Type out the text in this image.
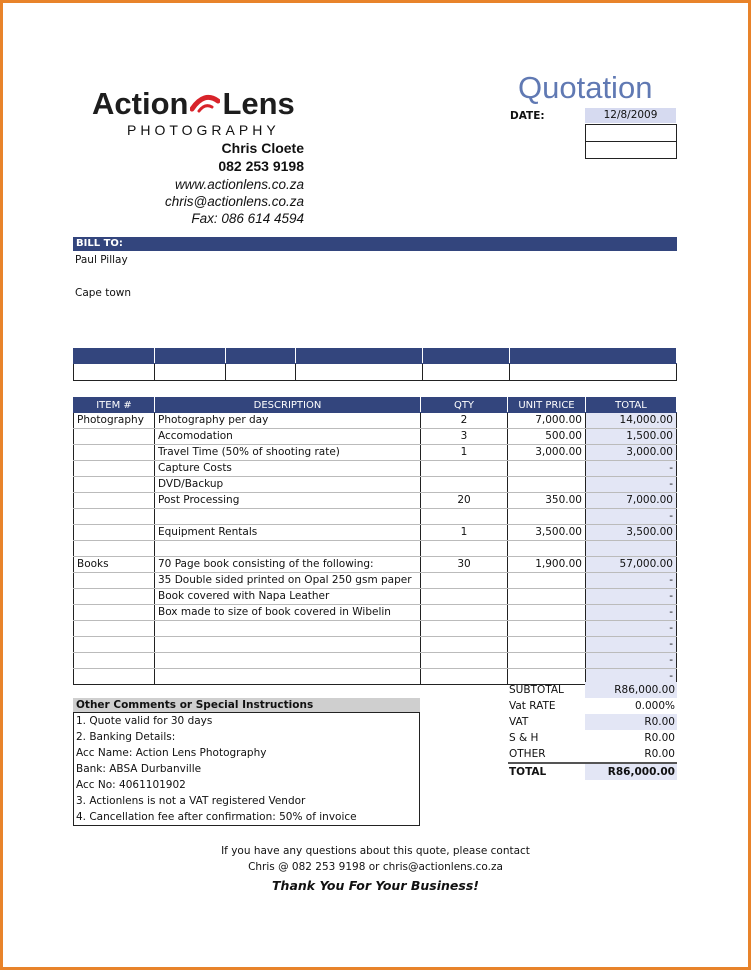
Action Lens
PHOTOGRAPHY
Chris Cloete
082 253 9198
www.actionlens.co.za
chris@actionlens.co.za
Fax: 086 614 4594
Quotation
DATE:	12/8/2009
BILL TO:
Paul Pillay
Cape town

ITEM #	DESCRIPTION	QTY	UNIT PRICE	TOTAL
Photography	Photography per day	2	7,000.00	14,000.00
	Accomodation	3	500.00	1,500.00
	Travel Time (50% of shooting rate)	1	3,000.00	3,000.00
	Capture Costs			-
	DVD/Backup			-
	Post Processing	20	350.00	7,000.00
				-
	Equipment Rentals	1	3,500.00	3,500.00

Books	70 Page book consisting of the following:	30	1,900.00	57,000.00
	35 Double sided printed on Opal 250 gsm paper			-
	Book covered with Napa Leather			-
	Box made to size of book covered in Wibelin			-
				-
				-
				-
				-
Other Comments or Special Instructions
1. Quote valid for 30 days
2. Banking Details:
Acc Name: Action Lens Photography
Bank: ABSA Durbanville
Acc No: 4061101902
3. Actionlens is not a VAT registered Vendor
4. Cancellation fee after confirmation: 50% of invoice
SUBTOTAL	R86,000.00
Vat RATE	0.000%
VAT	R0.00
S & H	R0.00
OTHER	R0.00
TOTAL	R86,000.00
If you have any questions about this quote, please contact
Chris @ 082 253 9198 or chris@actionlens.co.za
Thank You For Your Business!
